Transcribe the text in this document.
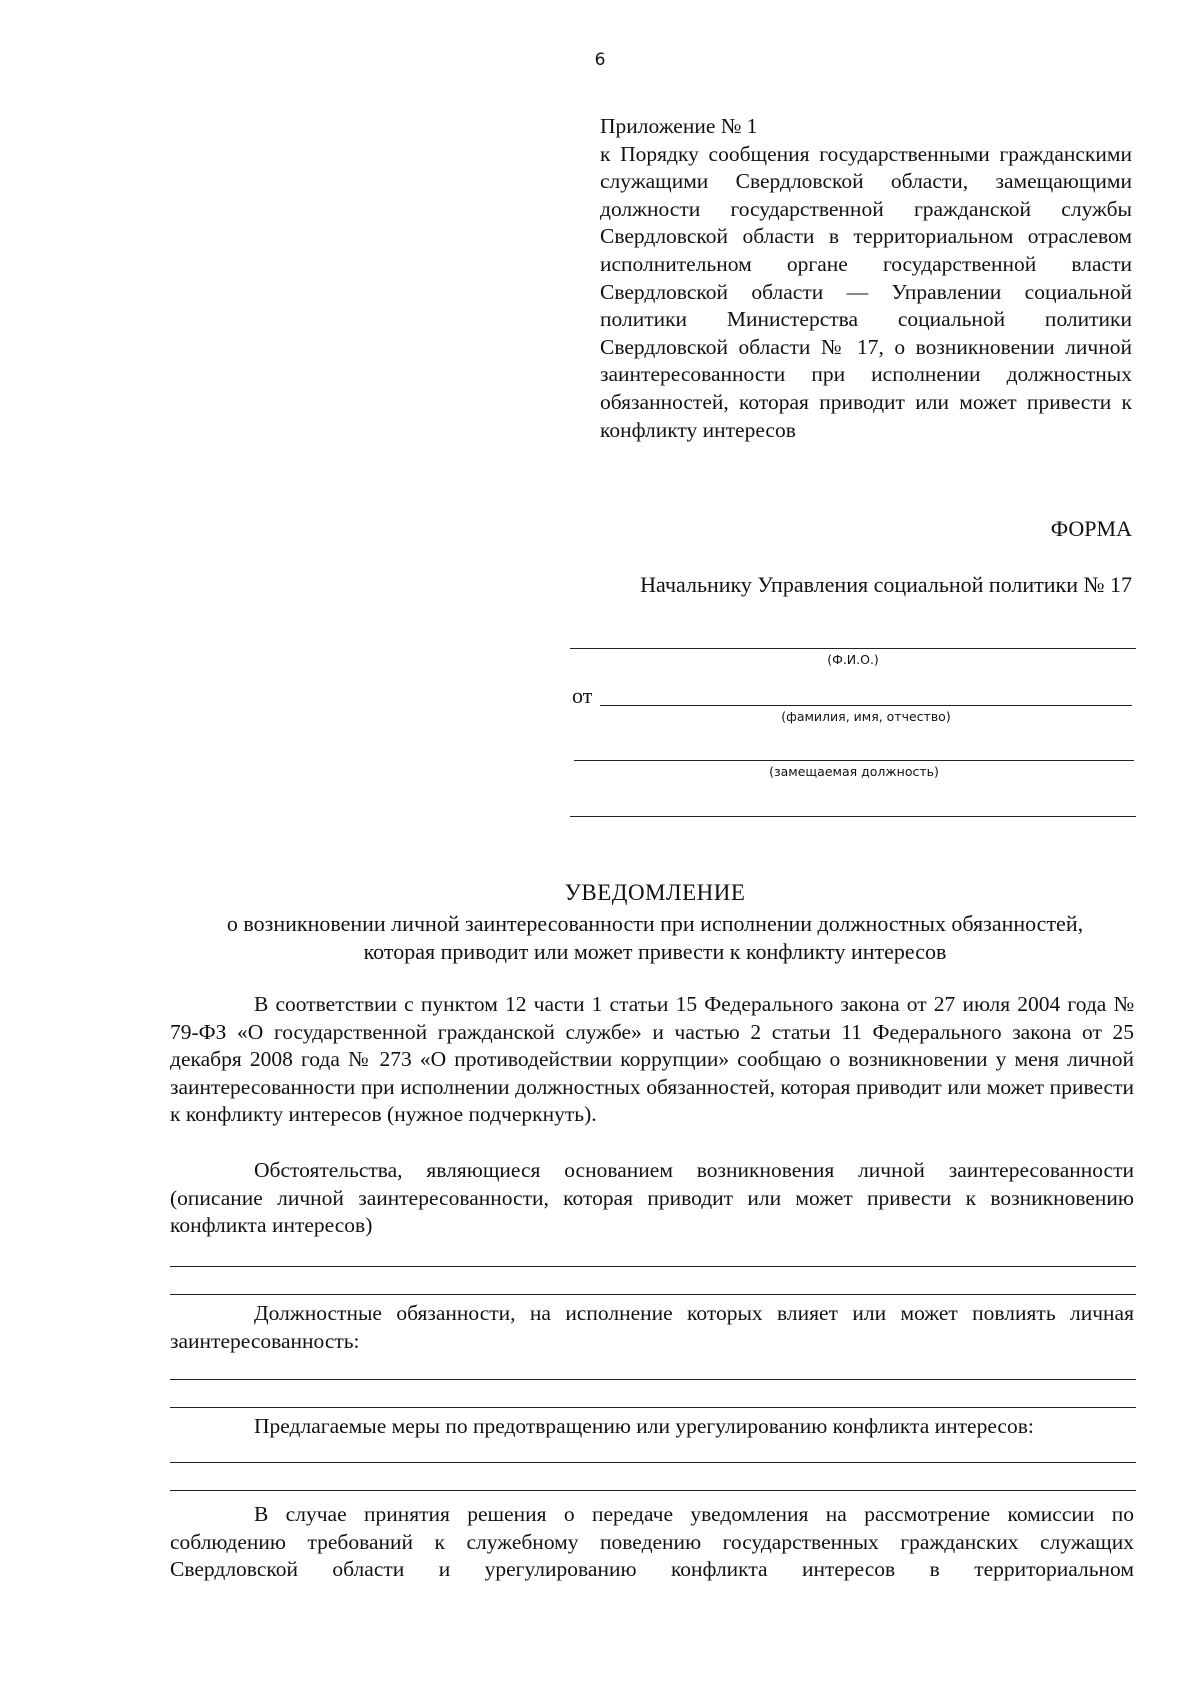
6
Приложение № 1
к Порядку сообщения государственными гражданскими служащими Свердловской области, замещающими должности государственной гражданской службы Свердловской области в территориальном отраслевом исполнительном органе государственной власти Свердловской области — Управлении социальной политики Министерства социальной политики Свердловской области № 17, о возникновении личной заинтересованности при исполнении должностных обязанностей, которая приводит или может привести к конфликту интересов
ФОРМА
Начальнику Управления социальной политики № 17
(Ф.И.О.)
от
(фамилия, имя, отчество)
(замещаемая должность)
УВЕДОМЛЕНИЕ
о возникновении личной заинтересованности при исполнении должностных обязанностей,
которая приводит или может привести к конфликту интересов
В соответствии с пунктом 12 части 1 статьи 15 Федерального закона от 27 июля 2004 года № 79-ФЗ «О государственной гражданской службе» и частью 2 статьи 11 Федерального закона от 25 декабря 2008 года № 273 «О противодействии коррупции» сообщаю о возникновении у меня личной заинтересованности при исполнении должностных обязанностей, которая приводит или может привести к конфликту интересов (нужное подчеркнуть).
Обстоятельства, являющиеся основанием возникновения личной заинтересованности (описание личной заинтересованности, которая приводит или может привести к возникновению конфликта интересов)
Должностные обязанности, на исполнение которых влияет или может повлиять личная заинтересованность:
Предлагаемые меры по предотвращению или урегулированию конфликта интересов:
В случае принятия решения о передаче уведомления на рассмотрение комиссии по соблюдению требований к служебному поведению государственных гражданских служащих Свердловской области и урегулированию конфликта интересов в территориальном
